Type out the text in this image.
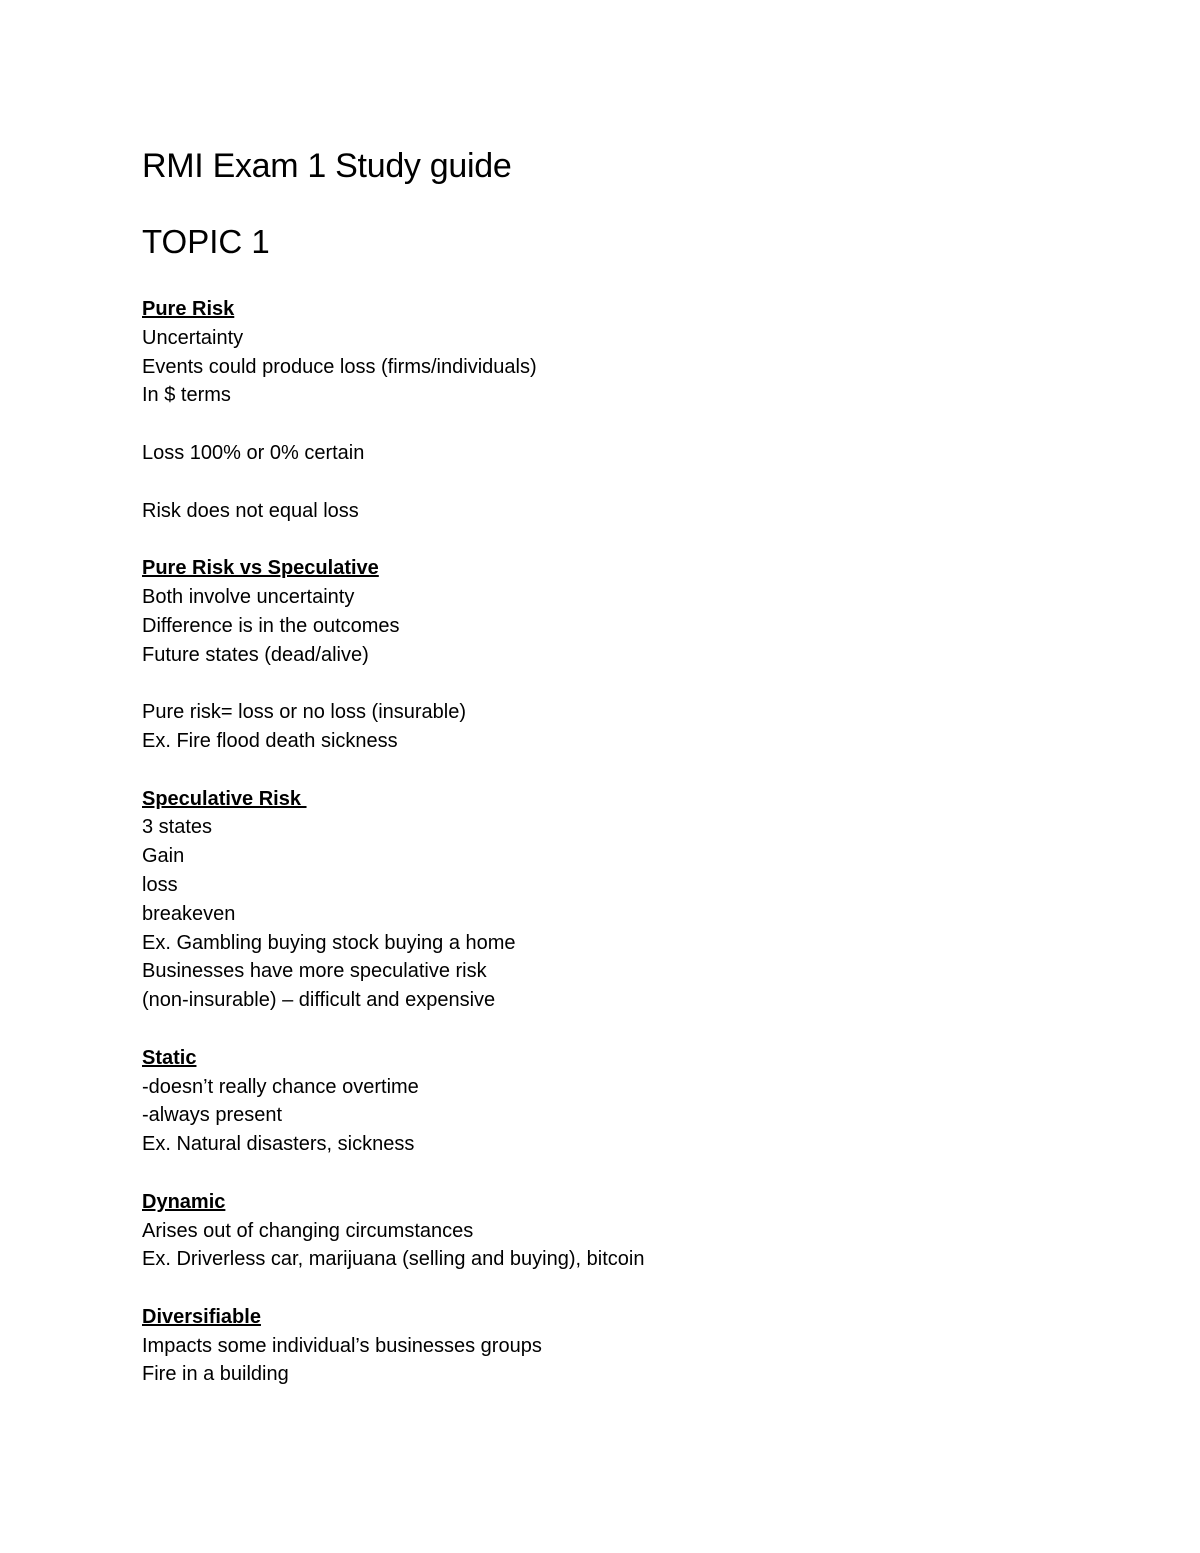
RMI Exam 1 Study guide
TOPIC 1

Pure Risk

Uncertainty

Events could produce loss (firms/individuals)

In $ terms

Loss 100% or 0% certain

Risk does not equal loss

Pure Risk vs Speculative

Both involve uncertainty

Difference is in the outcomes

Future states (dead/alive)

Pure risk= loss or no loss (insurable)

Ex. Fire flood death sickness

Speculative Risk

3 states

Gain

loss

breakeven

Ex. Gambling buying stock buying a home

Businesses have more speculative risk

(non-insurable) – difficult and expensive

Static

-doesn’t really chance overtime

-always present

Ex. Natural disasters, sickness

Dynamic

Arises out of changing circumstances

Ex. Driverless car, marijuana (selling and buying), bitcoin

Diversifiable

Impacts some individual’s businesses groups

Fire in a building
